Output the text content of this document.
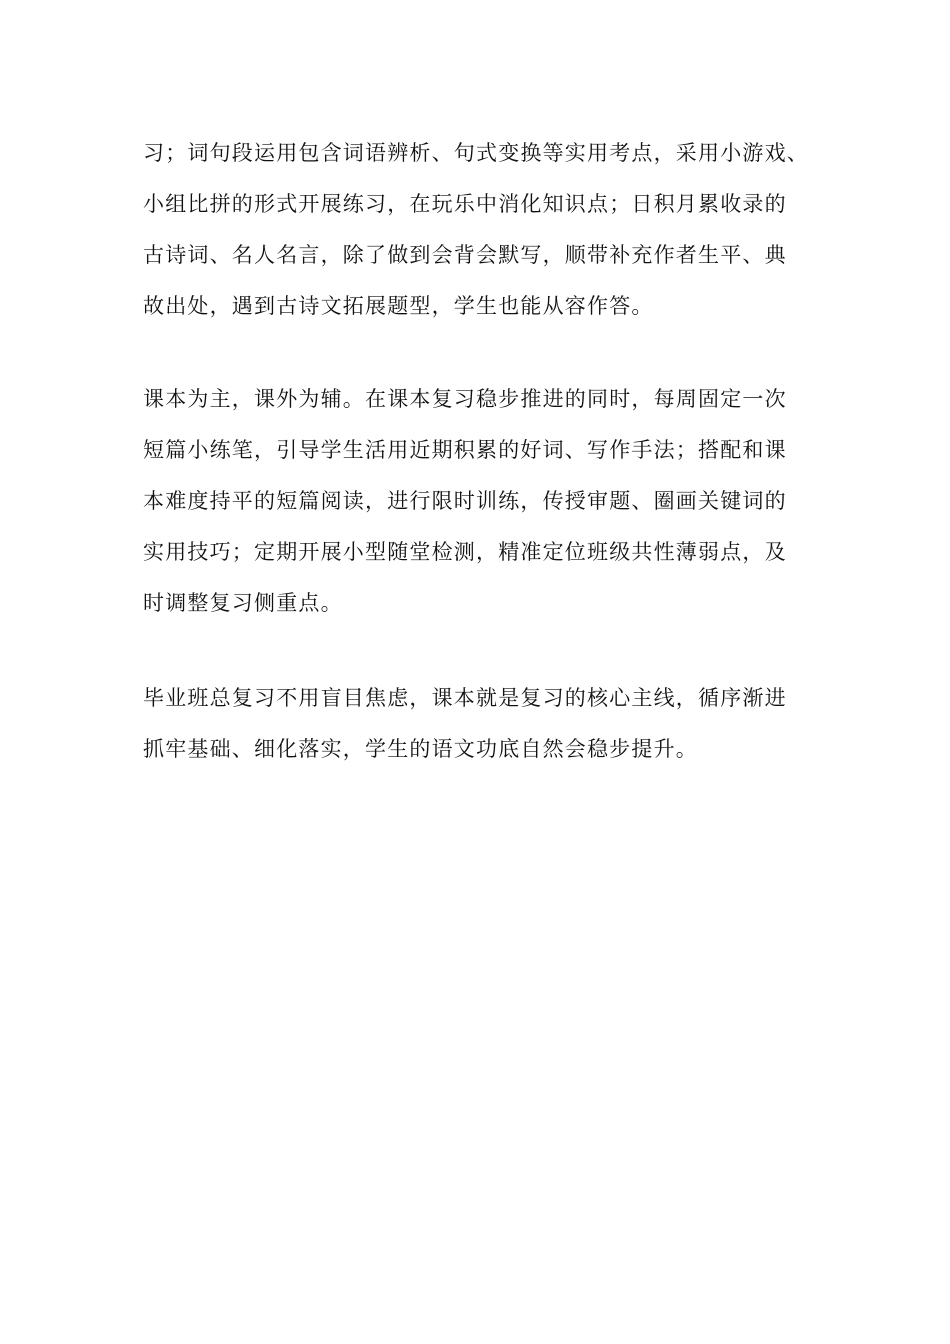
习；词句段运用包含词语辨析、句式变换等实用考点，采用小游戏、
小组比拼的形式开展练习，在玩乐中消化知识点；日积月累收录的
古诗词、名人名言，除了做到会背会默写，顺带补充作者生平、典
故出处，遇到古诗文拓展题型，学生也能从容作答。
课本为主，课外为辅。在课本复习稳步推进的同时，每周固定一次
短篇小练笔，引导学生活用近期积累的好词、写作手法；搭配和课
本难度持平的短篇阅读，进行限时训练，传授审题、圈画关键词的
实用技巧；定期开展小型随堂检测，精准定位班级共性薄弱点，及
时调整复习侧重点。
毕业班总复习不用盲目焦虑，课本就是复习的核心主线，循序渐进
抓牢基础、细化落实，学生的语文功底自然会稳步提升。
